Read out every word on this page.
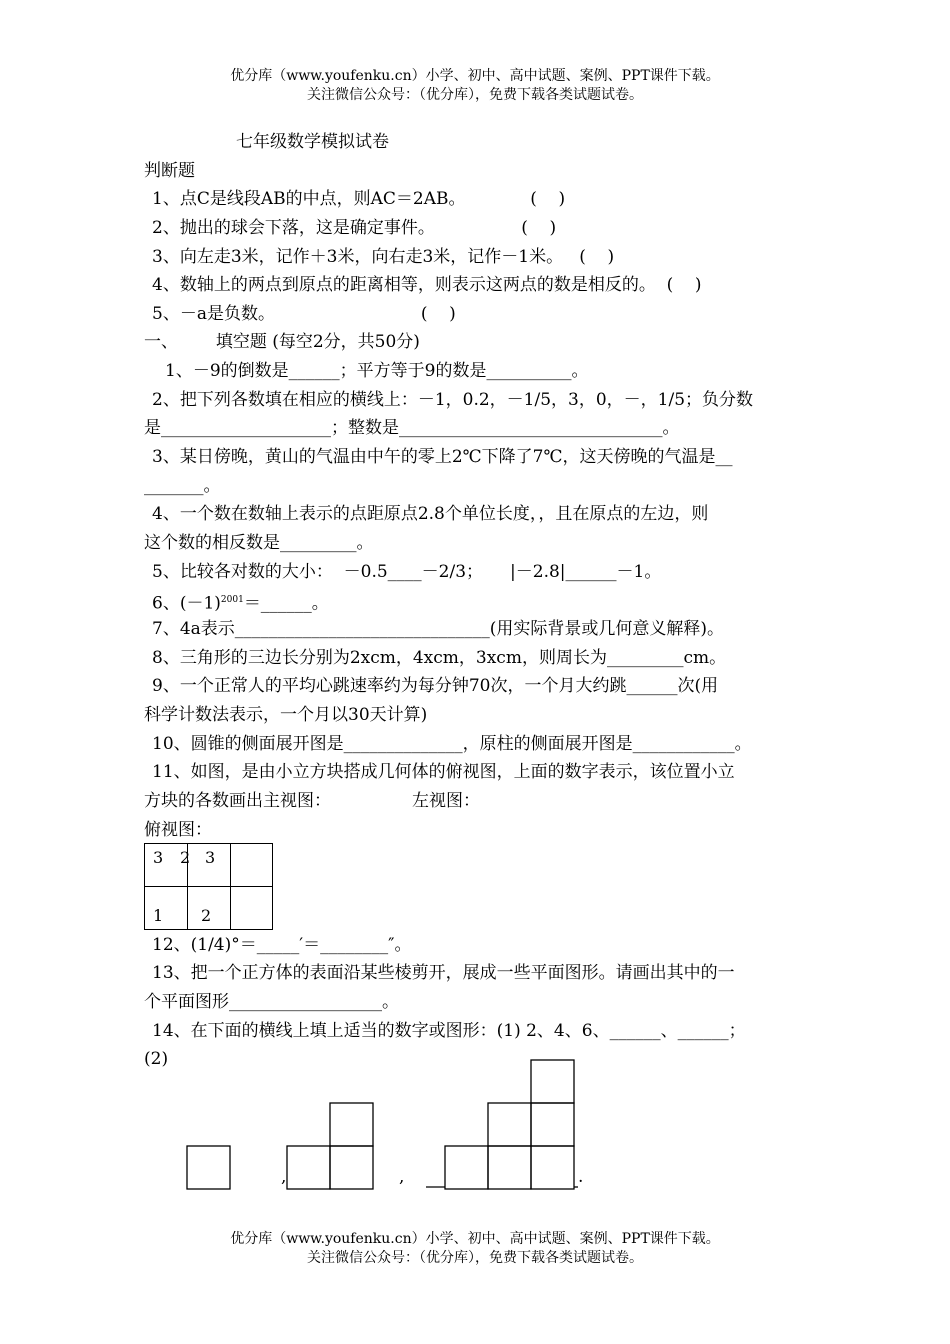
优分库（www.youfenku.cn）小学、初中、高中试题、案例、PPT课件下载。
关注微信公众号：（优分库），免费下载各类试题试卷。
七年级数学模拟试卷
判断题
1、点C是线段AB的中点，则AC＝2AB。            (    )
2、抛出的球会下落，这是确定事件。                (    )
3、向左走3米，记作＋3米，向右走3米，记作－1米。   (    )
4、数轴上的两点到原点的距离相等，则表示这两点的数是相反的。  (    )
5、－a是负数。                           (    )
一、       填空题 (每空2分，共50分)
1、－9的倒数是______；平方等于9的数是__________。
2、把下列各数填在相应的横线上：－1，0.2，－1/5，3，0，－，1/5；负分数
是____________________；整数是_______________________________。
3、某日傍晚，黄山的气温由中午的零上2℃下降了7℃，这天傍晚的气温是__
_______。
4、一个数在数轴上表示的点距原点2.8个单位长度，，且在原点的左边，则
这个数的相反数是_________。
5、比较各对数的大小：  －0.5____－2/3；     |－2.8|______－1。
6、$(-1)^{2001}=\_\_\_\_\_\_$。
7、4a表示______________________________(用实际背景或几何意义解释)。
8、三角形的三边长分别为2xcm，4xcm，3xcm，则周长为_________cm。
9、一个正常人的平均心跳速率约为每分钟70次，一个月大约跳______次(用
科学计数法表示，一个月以30天计算)
10、圆锥的侧面展开图是______________，原柱的侧面展开图是____________。
11、如图，是由小立方块搭成几何体的俯视图，上面的数字表示，该位置小立
方块的各数画出主视图：               左视图：
俯视图：
3 2 3
1 2
12、(1/4)°＝_____′＝________″。
13、把一个正方体的表面沿某些棱剪开，展成一些平面图形。请画出其中的一
个平面图形__________________。
14、在下面的横线上填上适当的数字或图形：(1) 2、4、6、______、______；
(2)
,	,	.
优分库（www.youfenku.cn）小学、初中、高中试题、案例、PPT课件下载。
关注微信公众号：（优分库），免费下载各类试题试卷。
